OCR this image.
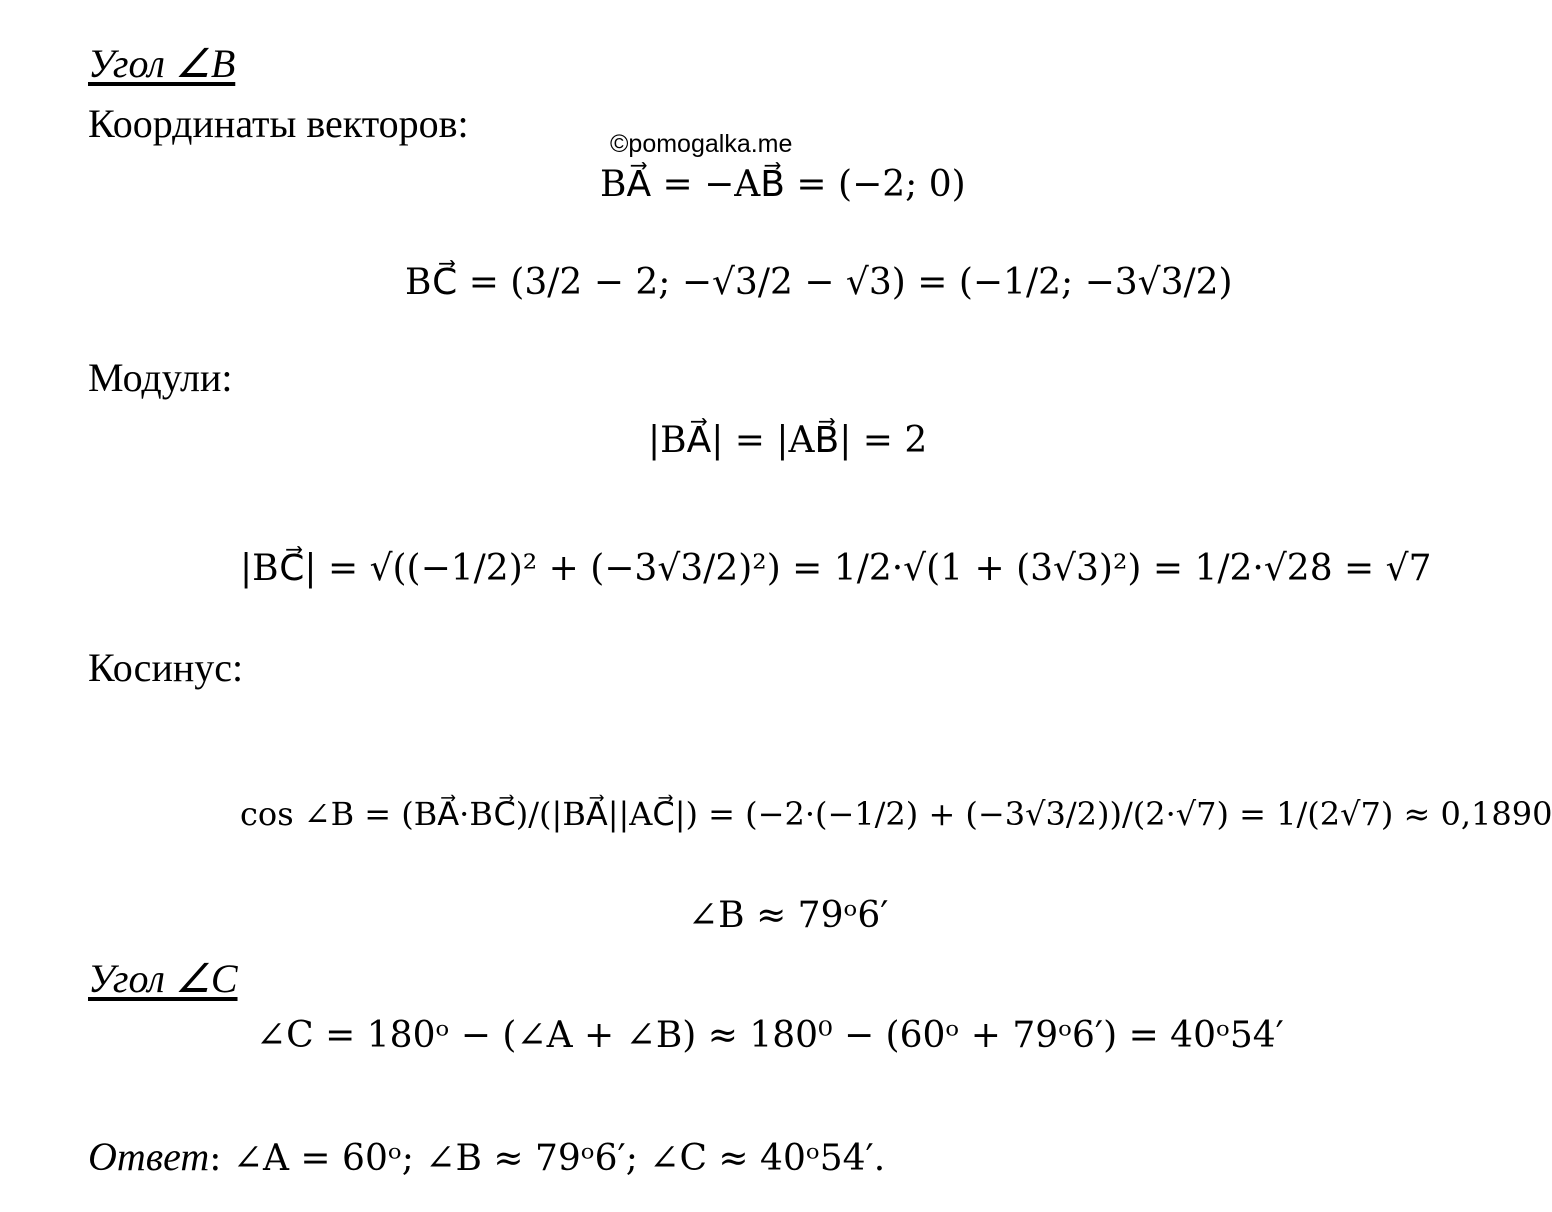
Угол ∠B
Координаты векторов:	©pomogalka.me
BA⃗ = −AB⃗ = (−2; 0)
BC⃗ = (3/2 − 2; −√3/2 − √3) = (−1/2; −3√3/2)
Модули:
|BA⃗| = |AB⃗| = 2
|BC⃗| = √((−1/2)² + (−3√3/2)²) = 1/2·√(1 + (3√3)²) = 1/2·√28 = √7
Косинус:
cos ∠B = (BA⃗·BC⃗)/(|BA⃗||AC⃗|) = (−2·(−1/2) + (−3√3/2))/(2·√7) = 1/(2√7) ≈ 0,1890
∠B ≈ 79ᵒ6′
Угол ∠C
∠C = 180ᵒ − (∠A + ∠B) ≈ 180⁰ − (60ᵒ + 79ᵒ6′) = 40ᵒ54′
Ответ: ∠A = 60ᵒ; ∠B ≈ 79ᵒ6′; ∠C ≈ 40ᵒ54′.
